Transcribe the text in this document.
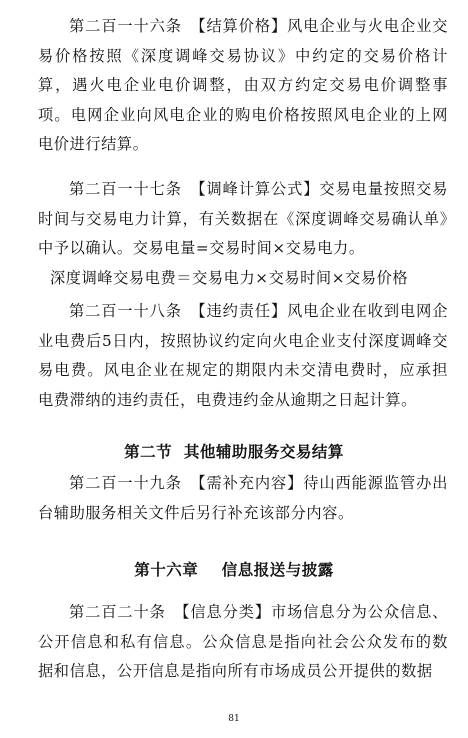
第二百一十六条　【结算价格】风电企业与火电企业交易价格按照《深度调峰交易协议》中约定的交易价格计算，遇火电企业电价调整，由双方约定交易电价调整事项。电网企业向风电企业的购电价格按照风电企业的上网电价进行结算。

第二百一十七条　【调峰计算公式】交易电量按照交易时间与交易电力计算，有关数据在《深度调峰交易确认单》中予以确认。交易电量=交易时间×交易电力。

深度调峰交易电费＝交易电力×交易时间×交易价格

第二百一十八条　【违约责任】风电企业在收到电网企业电费后5日内，按照协议约定向火电企业支付深度调峰交易电费。风电企业在规定的期限内未交清电费时，应承担电费滞纳的违约责任，电费违约金从逾期之日起计算。

第二节  其他辅助服务交易结算

第二百一十九条　【需补充内容】待山西能源监管办出台辅助服务相关文件后另行补充该部分内容。

第十六章    信息报送与披露

第二百二十条　【信息分类】市场信息分为公众信息、公开信息和私有信息。公众信息是指向社会公众发布的数据和信息，公开信息是指向所有市场成员公开提供的数据

81
